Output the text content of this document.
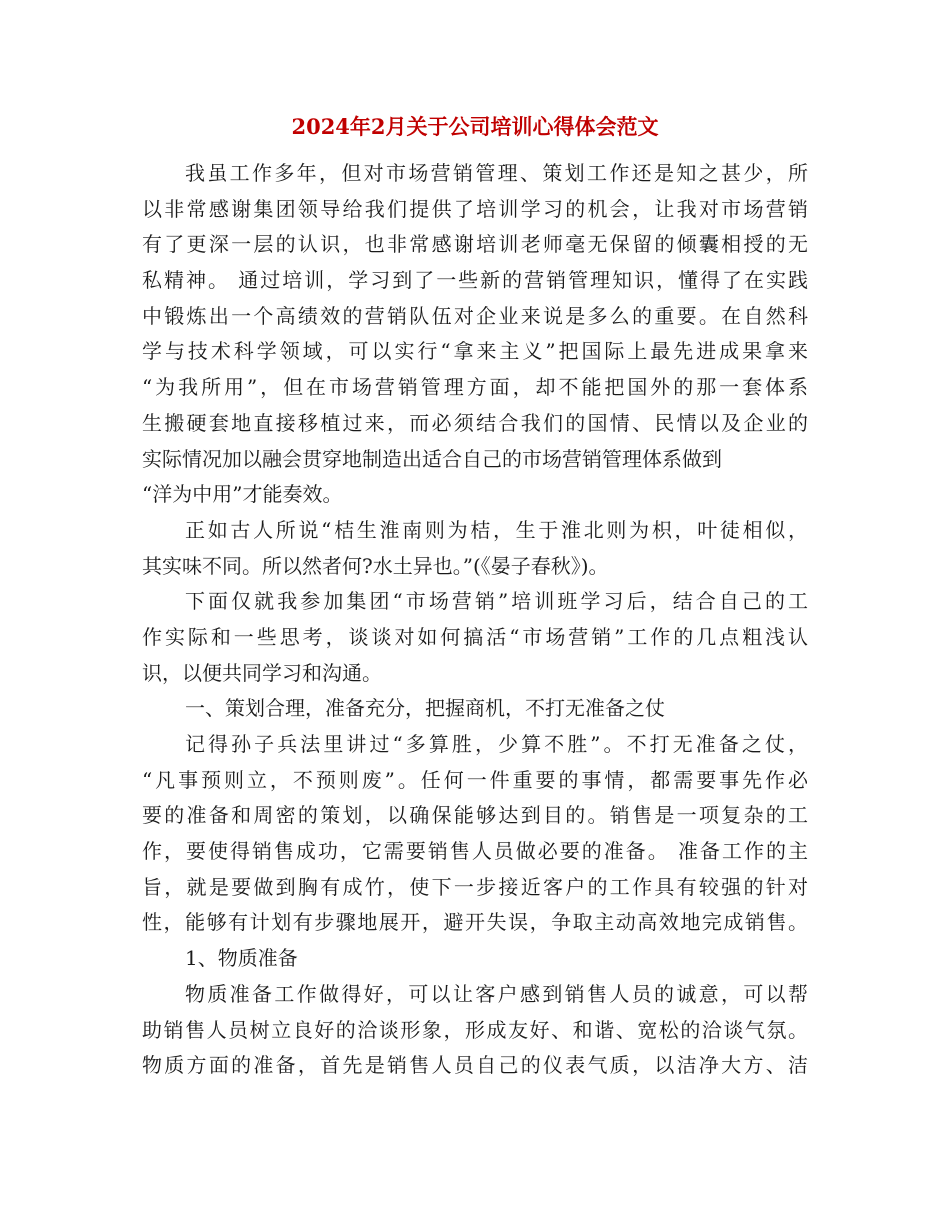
2024年2月关于公司培训心得体会范文
我虽工作多年，但对市场营销管理、策划工作还是知之甚少，所
以非常感谢集团领导给我们提供了培训学习的机会，让我对市场营销
有了更深一层的认识，也非常感谢培训老师毫无保留的倾囊相授的无
私精神。 通过培训，学习到了一些新的营销管理知识，懂得了在实践
中锻炼出一个高绩效的营销队伍对企业来说是多么的重要。在自然科
学与技术科学领域，可以实行“拿来主义”把国际上最先进成果拿来
“为我所用”，但在市场营销管理方面，却不能把国外的那一套体系
生搬硬套地直接移植过来，而必须结合我们的国情、民情以及企业的
实际情况加以融会贯穿地制造出适合自己的市场营销管理体系做到
“洋为中用”才能奏效。
正如古人所说“桔生淮南则为桔，生于淮北则为枳，叶徒相似，
其实味不同。所以然者何?水土异也。”(《晏子春秋》)。
下面仅就我参加集团“市场营销”培训班学习后，结合自己的工
作实际和一些思考，谈谈对如何搞活“市场营销”工作的几点粗浅认
识，以便共同学习和沟通。
一、策划合理，准备充分，把握商机，不打无准备之仗
记得孙子兵法里讲过“多算胜，少算不胜”。不打无准备之仗，
“凡事预则立，不预则废”。任何一件重要的事情，都需要事先作必
要的准备和周密的策划，以确保能够达到目的。销售是一项复杂的工
作，要使得销售成功，它需要销售人员做必要的准备。 准备工作的主
旨，就是要做到胸有成竹，使下一步接近客户的工作具有较强的针对
性，能够有计划有步骤地展开，避开失误，争取主动高效地完成销售。
1、物质准备
物质准备工作做得好，可以让客户感到销售人员的诚意，可以帮
助销售人员树立良好的洽谈形象，形成友好、和谐、宽松的洽谈气氛。
物质方面的准备，首先是销售人员自己的仪表气质，以洁净大方、洁
